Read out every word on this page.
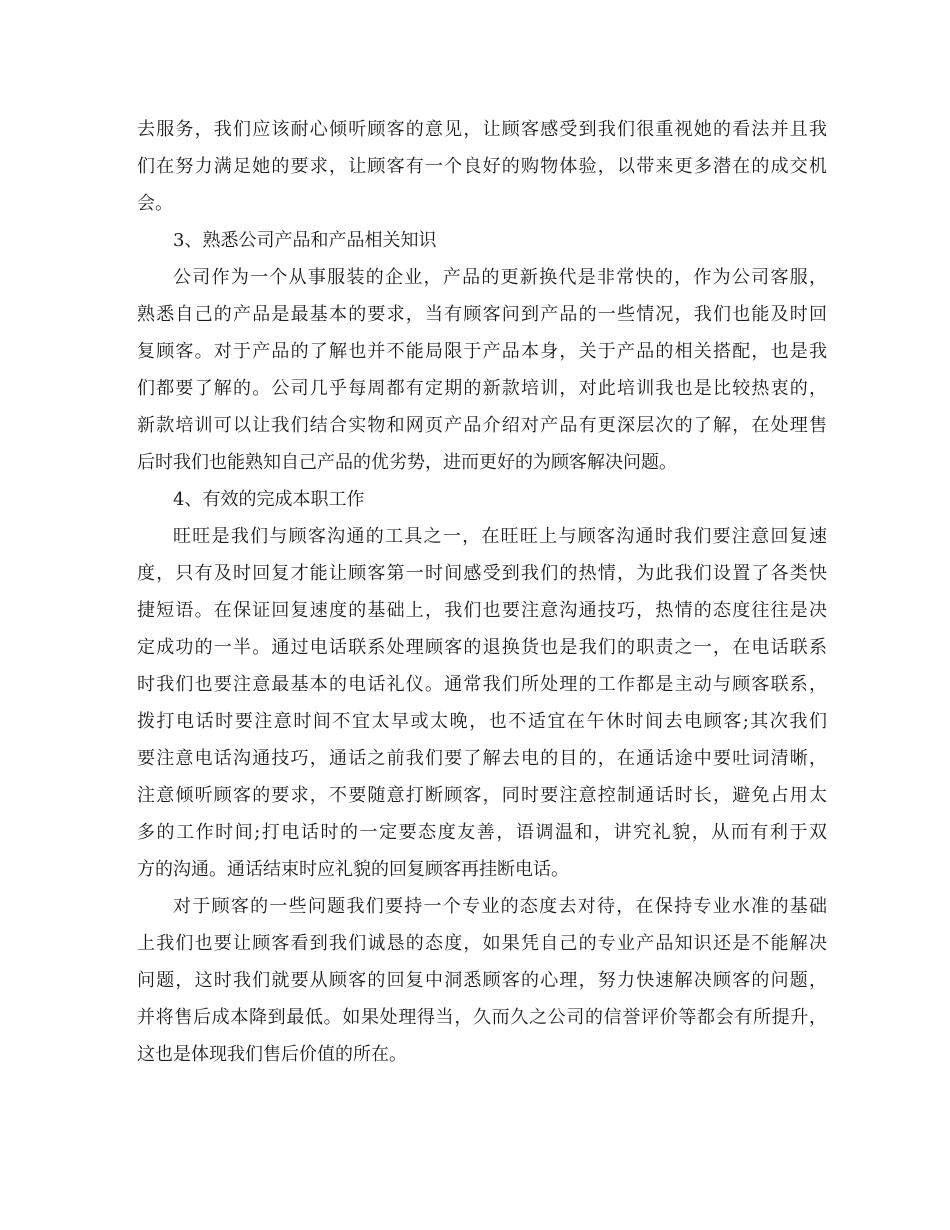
去服务，我们应该耐心倾听顾客的意见，让顾客感受到我们很重视她的看法并且我
们在努力满足她的要求，让顾客有一个良好的购物体验，以带来更多潜在的成交机
会。
3、熟悉公司产品和产品相关知识
公司作为一个从事服装的企业，产品的更新换代是非常快的，作为公司客服，
熟悉自己的产品是最基本的要求，当有顾客问到产品的一些情况，我们也能及时回
复顾客。对于产品的了解也并不能局限于产品本身，关于产品的相关搭配，也是我
们都要了解的。公司几乎每周都有定期的新款培训，对此培训我也是比较热衷的，
新款培训可以让我们结合实物和网页产品介绍对产品有更深层次的了解，在处理售
后时我们也能熟知自己产品的优劣势，进而更好的为顾客解决问题。
4、有效的完成本职工作
旺旺是我们与顾客沟通的工具之一，在旺旺上与顾客沟通时我们要注意回复速
度，只有及时回复才能让顾客第一时间感受到我们的热情，为此我们设置了各类快
捷短语。在保证回复速度的基础上，我们也要注意沟通技巧，热情的态度往往是决
定成功的一半。通过电话联系处理顾客的退换货也是我们的职责之一，在电话联系
时我们也要注意最基本的电话礼仪。通常我们所处理的工作都是主动与顾客联系，
拨打电话时要注意时间不宜太早或太晚，也不适宜在午休时间去电顾客;其次我们
要注意电话沟通技巧，通话之前我们要了解去电的目的，在通话途中要吐词清晰，
注意倾听顾客的要求，不要随意打断顾客，同时要注意控制通话时长，避免占用太
多的工作时间;打电话时的一定要态度友善，语调温和，讲究礼貌，从而有利于双
方的沟通。通话结束时应礼貌的回复顾客再挂断电话。
对于顾客的一些问题我们要持一个专业的态度去对待，在保持专业水准的基础
上我们也要让顾客看到我们诚恳的态度，如果凭自己的专业产品知识还是不能解决
问题，这时我们就要从顾客的回复中洞悉顾客的心理，努力快速解决顾客的问题，
并将售后成本降到最低。如果处理得当，久而久之公司的信誉评价等都会有所提升，
这也是体现我们售后价值的所在。
